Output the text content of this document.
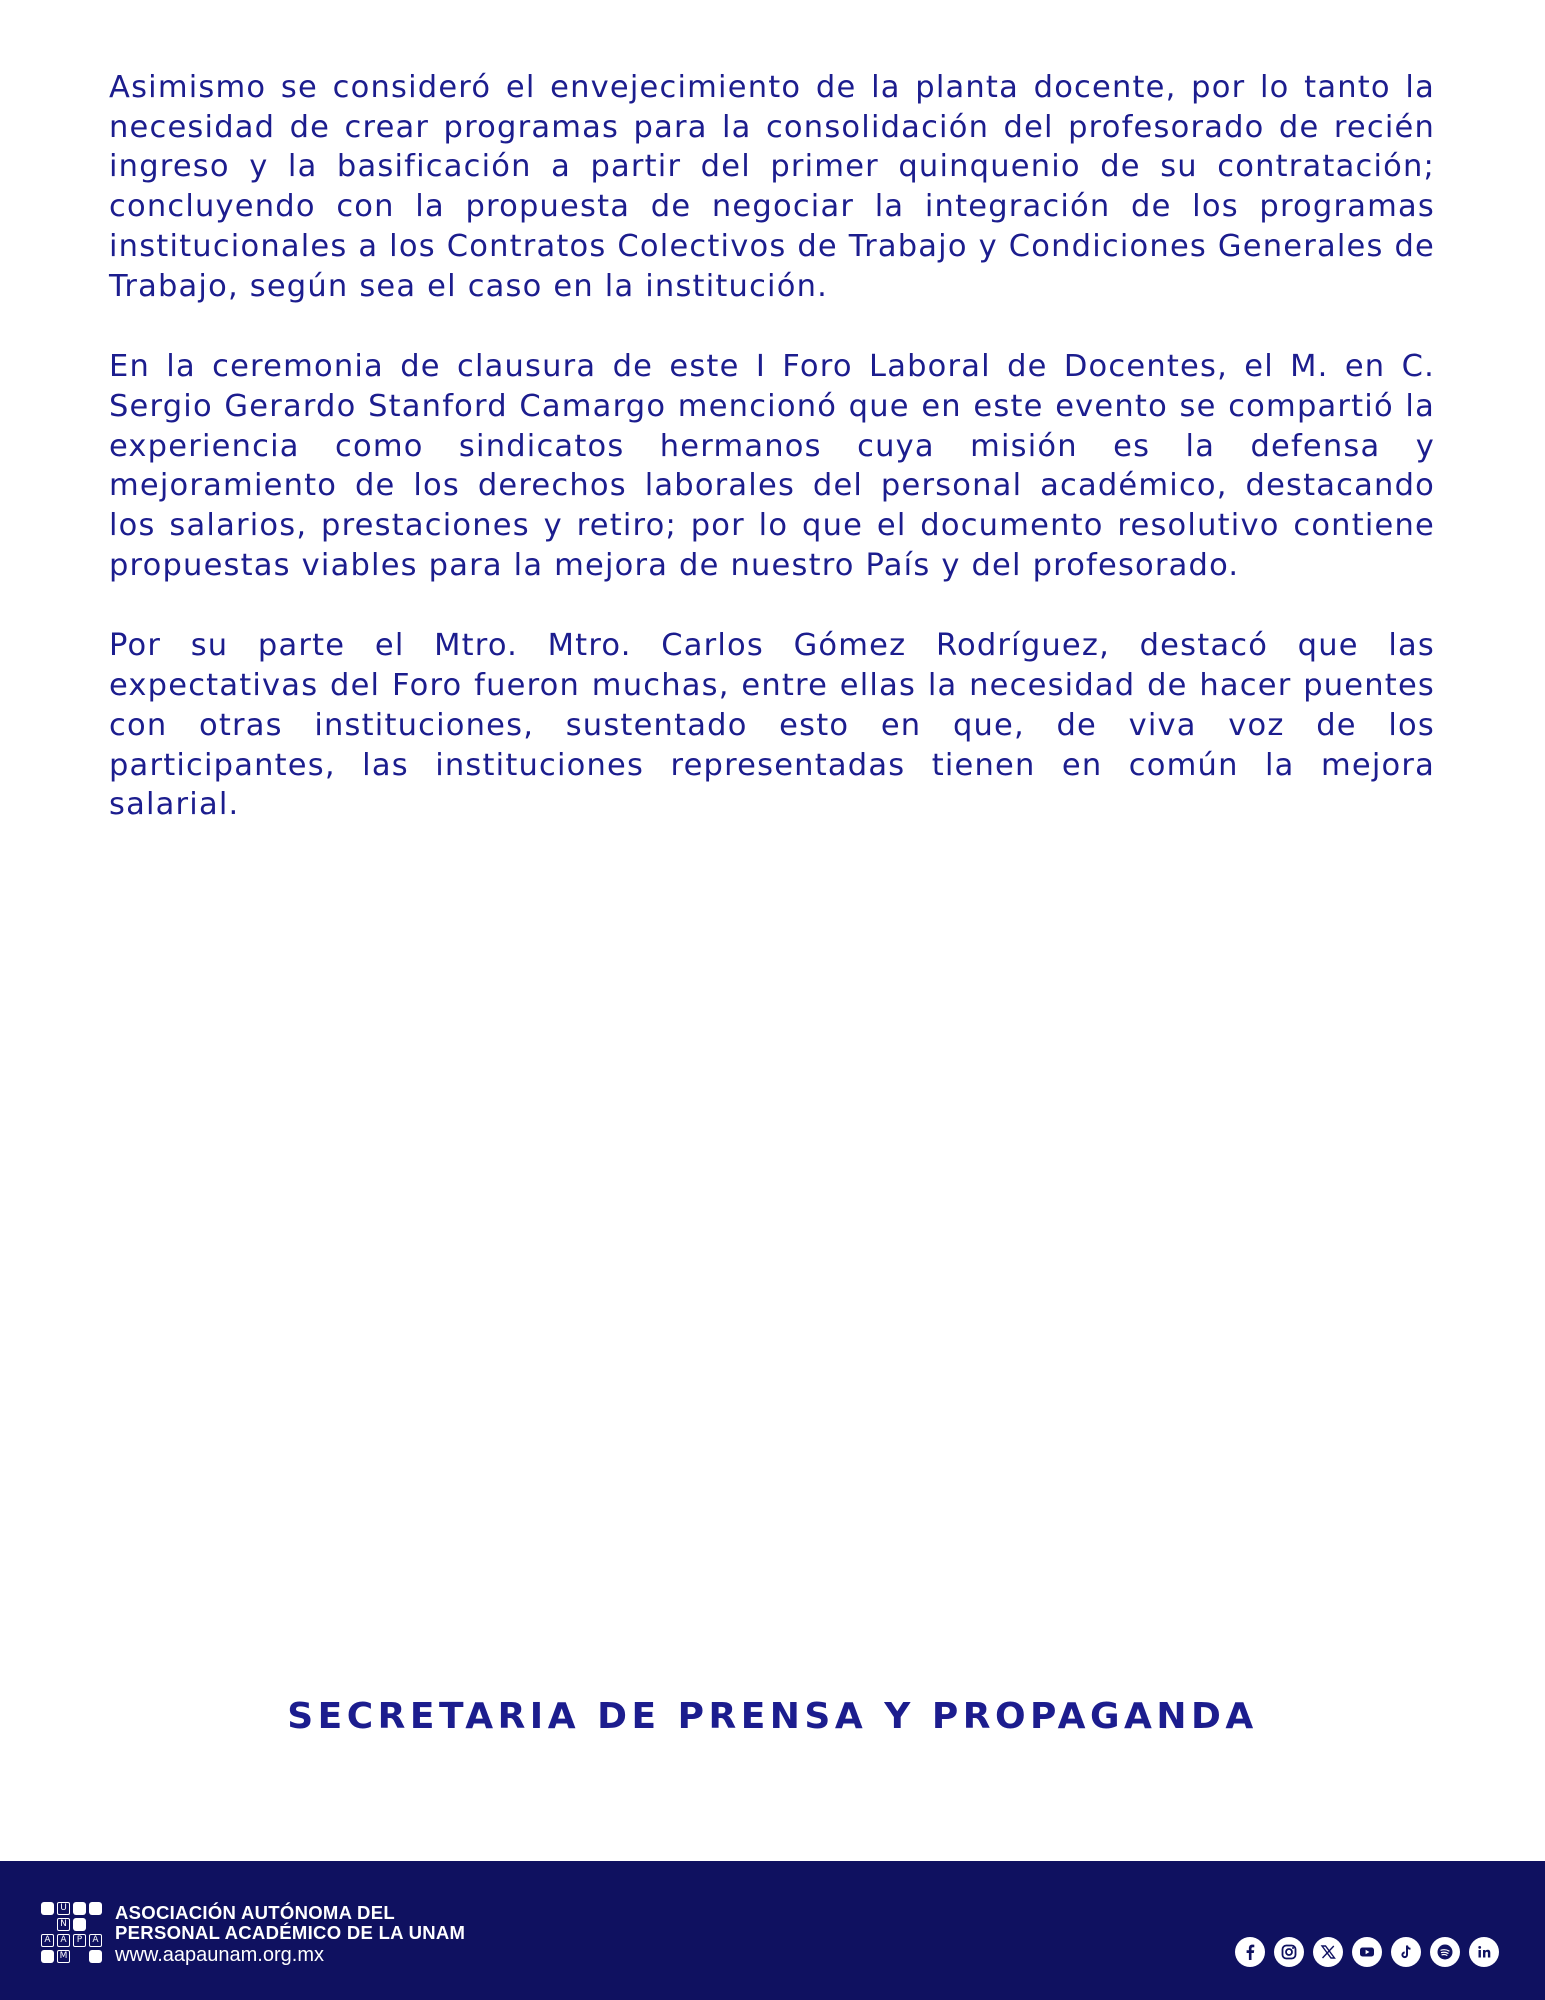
Asimismo se consideró el envejecimiento de la planta docente, por lo tanto la necesidad de crear programas para la consolidación del profesorado de recién ingreso y la basificación a partir del primer quinquenio de su contratación; concluyendo con la propuesta de negociar la integración de los programas institucionales a los Contratos Colectivos de Trabajo y Condiciones Generales de Trabajo, según sea el caso en la institución.

En la ceremonia de clausura de este I Foro Laboral de Docentes, el M. en C. Sergio Gerardo Stanford Camargo mencionó que en este evento se compartió la experiencia como sindicatos hermanos cuya misión es la defensa y mejoramiento de los derechos laborales del personal académico, destacando los salarios, prestaciones y retiro; por lo que el documento resolutivo contiene propuestas viables para la mejora de nuestro País y del profesorado.

Por su parte el Mtro. Mtro. Carlos Gómez Rodríguez, destacó que las expectativas del Foro fueron muchas, entre ellas la necesidad de hacer puentes con otras instituciones, sustentado esto en que, de viva voz de los participantes, las instituciones representadas tienen en común la mejora salarial.

SECRETARIA DE PRENSA Y PROPAGANDA
U
N
A	A	P	A
M
ASOCIACIÓN AUTÓNOMA DEL
PERSONAL ACADÉMICO DE LA UNAM
www.aapaunam.org.mx
